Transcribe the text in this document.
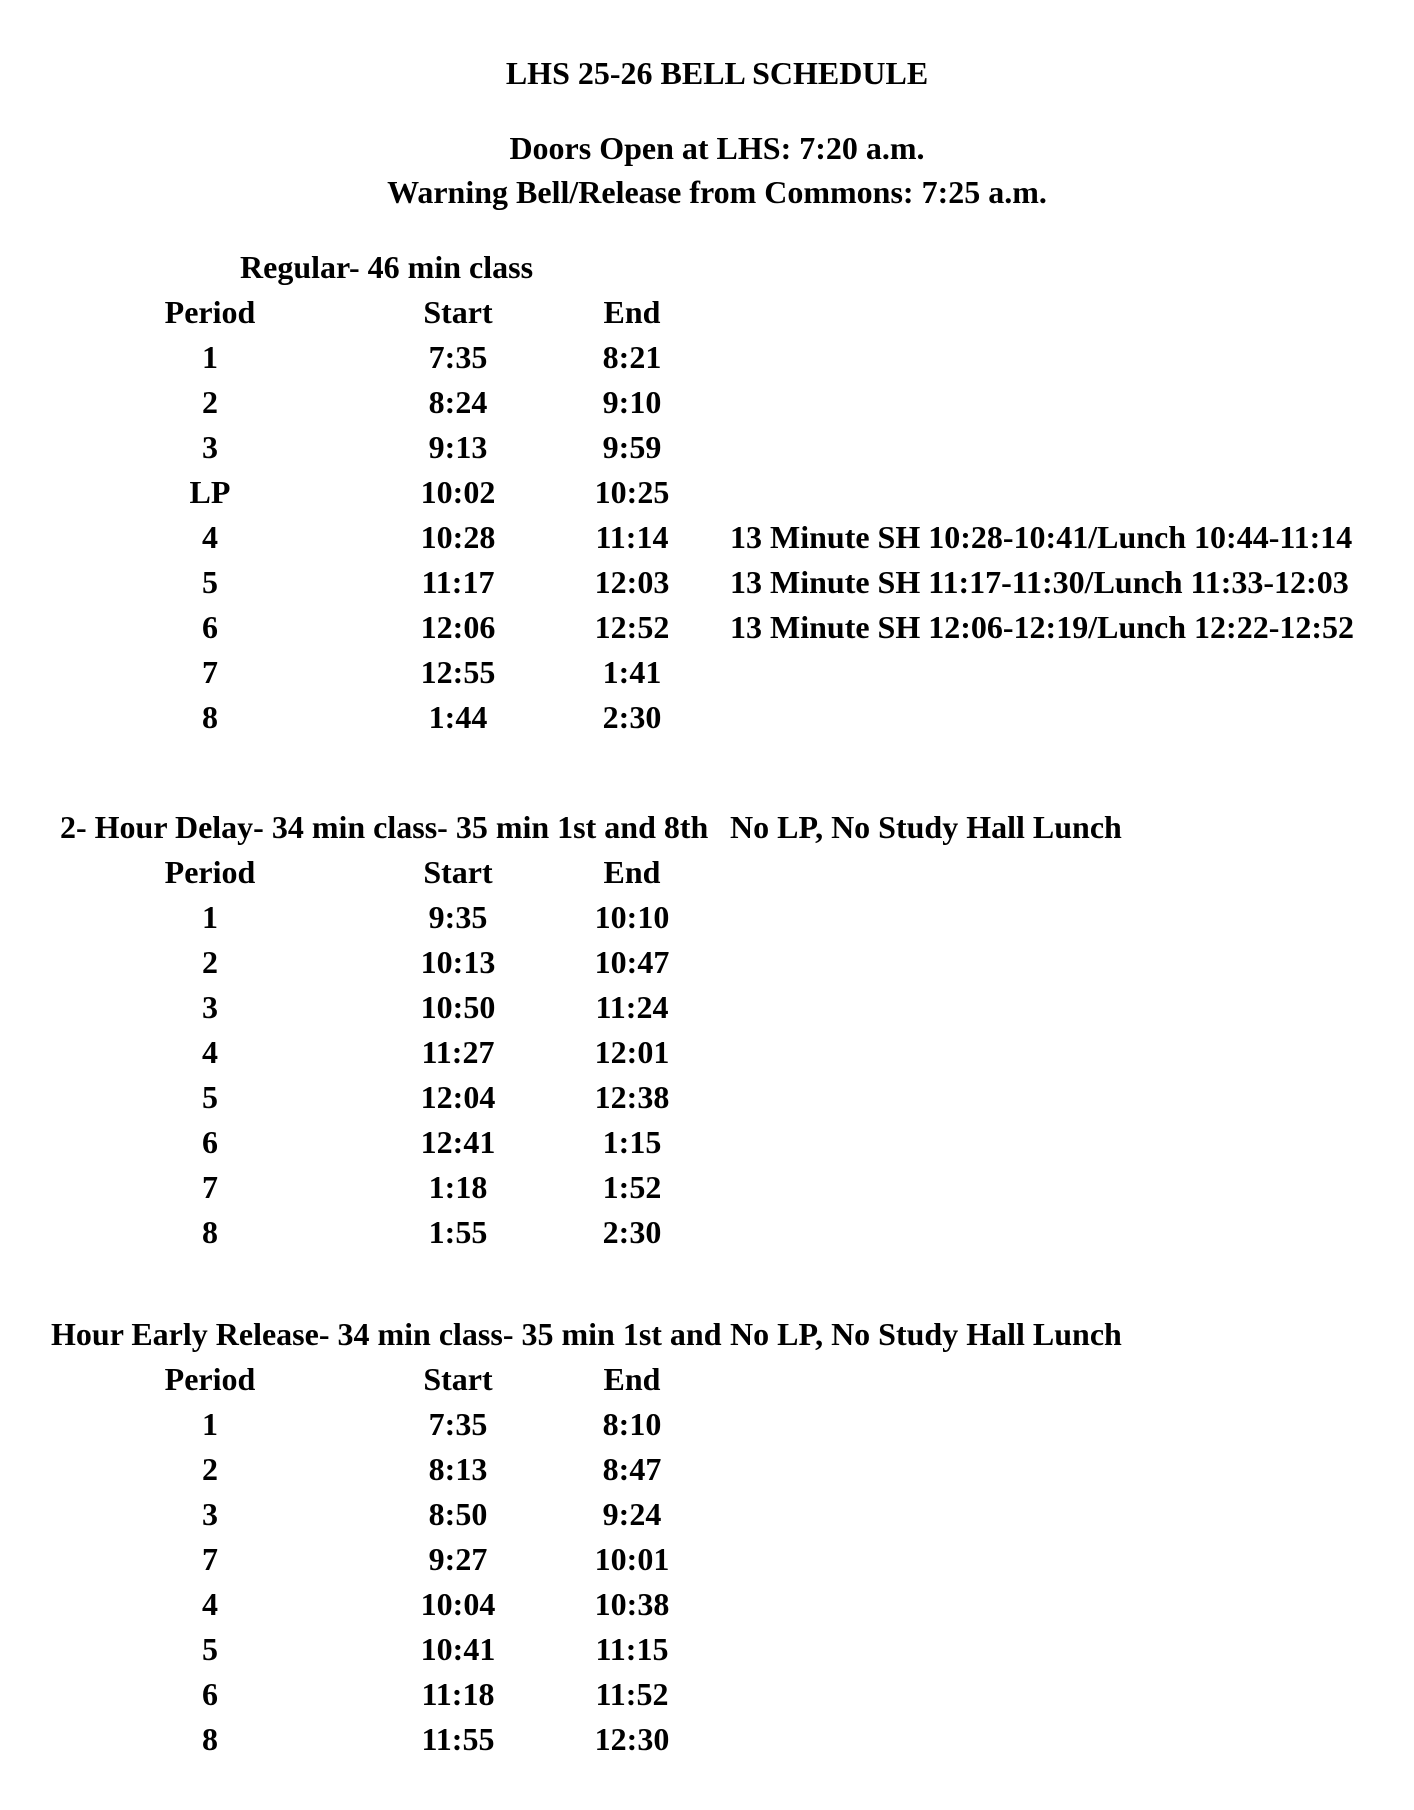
LHS 25-26 BELL SCHEDULE
Doors Open at LHS: 7:20 a.m.
Warning Bell/Release from Commons: 7:25 a.m.
Regular- 46 min class
2- Hour Delay- 34 min class- 35 min 1st and 8th No LP, No Study Hall Lunch
Hour Early Release- 34 min class- 35 min 1st and No LP, No Study Hall Lunch
Period	Start	End
1	7:35	8:21
2	8:24	9:10
3	9:13	9:59
LP	10:02	10:25
4	10:28	11:14 13 Minute SH 10:28-10:41/Lunch 10:44-11:14
5	11:17	12:03 13 Minute SH 11:17-11:30/Lunch 11:33-12:03
6	12:06	12:52 13 Minute SH 12:06-12:19/Lunch 12:22-12:52
7	12:55	1:41
8	1:44	2:30
Period	Start	End
1	9:35	10:10
2	10:13	10:47
3	10:50	11:24
4	11:27	12:01
5	12:04	12:38
6	12:41	1:15
7	1:18	1:52
8	1:55	2:30
Period	Start	End
1	7:35	8:10
2	8:13	8:47
3	8:50	9:24
7	9:27	10:01
4	10:04	10:38
5	10:41	11:15
6	11:18	11:52
8	11:55	12:30
